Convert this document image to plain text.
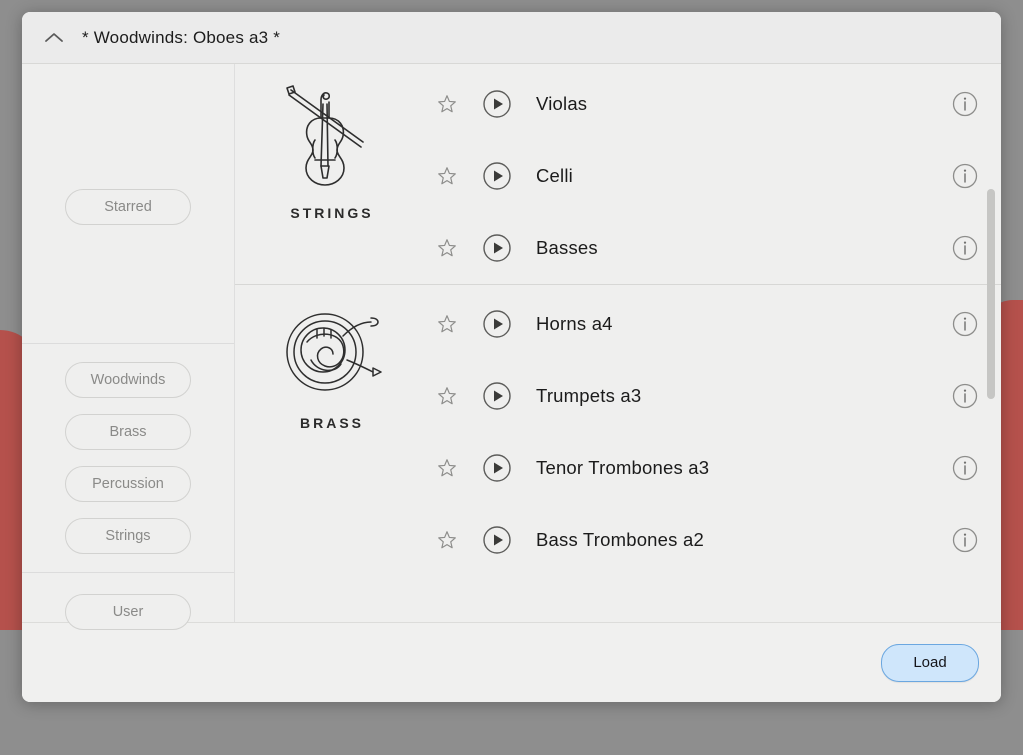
* Woodwinds: Oboes a3 *
Starred
Woodwinds
Brass
Percussion
Strings
User
STRINGS
Violas
Celli
Basses
BRASS
Horns a4
Trumpets a3
Tenor Trombones a3
Bass Trombones a2
Load
